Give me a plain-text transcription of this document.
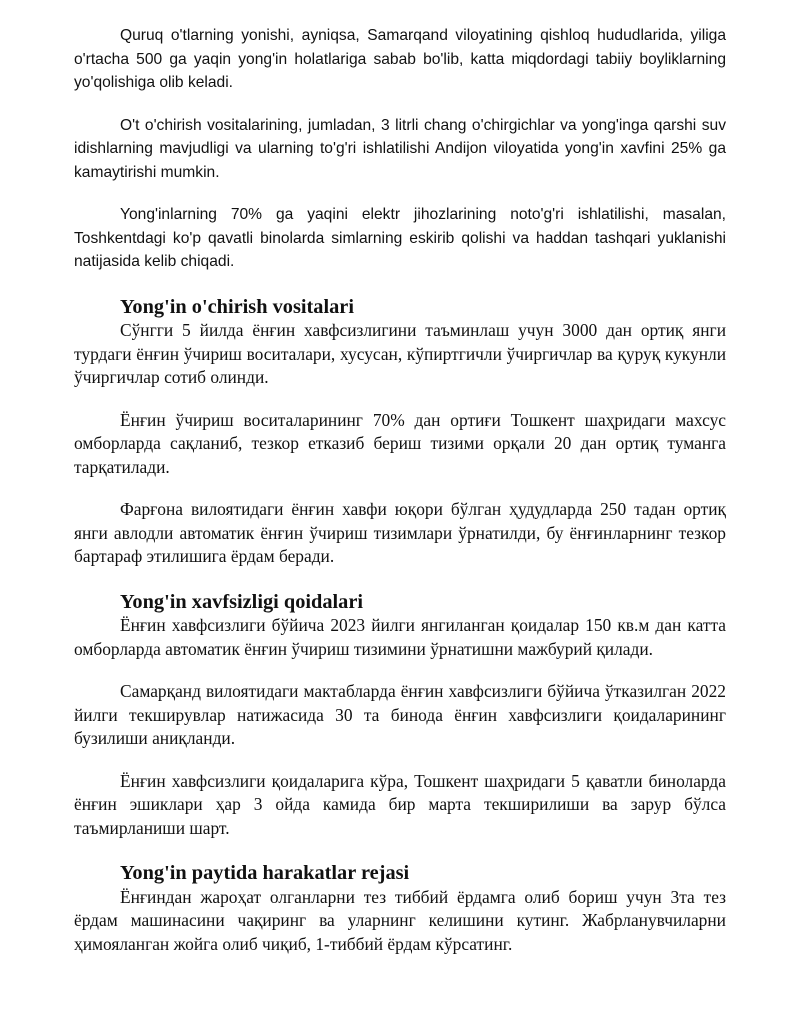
Quruq o'tlarning yonishi, ayniqsa, Samarqand viloyatining qishloq hududlarida, yiliga o'rtacha 500 ga yaqin yong'in holatlariga sabab bo'lib, katta miqdordagi tabiiy boyliklarning yo'qolishiga olib keladi.

O't o'chirish vositalarining, jumladan, 3 litrli chang o'chirgichlar va yong'inga qarshi suv idishlarning mavjudligi va ularning to'g'ri ishlatilishi Andijon viloyatida yong'in xavfini 25% ga kamaytirishi mumkin.

Yong'inlarning 70% ga yaqini elektr jihozlarining noto'g'ri ishlatilishi, masalan, Toshkentdagi ko'p qavatli binolarda simlarning eskirib qolishi va haddan tashqari yuklanishi natijasida kelib chiqadi.

Yong'in o'chirish vositalari

Сўнгги 5 йилда ёнғин хавфсизлигини таъминлаш учун 3000 дан ортиқ янги турдаги ёнғин ўчириш воситалари, хусусан, кўпиртгичли ўчиргичлар ва қуруқ кукунли ўчиргичлар сотиб олинди.

Ёнғин ўчириш воситаларининг 70% дан ортиғи Тошкент шаҳридаги махсус омборларда сақланиб, тезкор етказиб бериш тизими орқали 20 дан ортиқ туманга тарқатилади.

Фарғона вилоятидаги ёнғин хавфи юқори бўлган ҳудудларда 250 тадан ортиқ янги авлодли автоматик ёнғин ўчириш тизимлари ўрнатилди, бу ёнғинларнинг тезкор бартараф этилишига ёрдам беради.

Yong'in xavfsizligi qoidalari

Ёнғин хавфсизлиги бўйича 2023 йилги янгиланган қоидалар 150 кв.м дан катта омборларда автоматик ёнғин ўчириш тизимини ўрнатишни мажбурий қилади.

Самарқанд вилоятидаги мактабларда ёнғин хавфсизлиги бўйича ўтказилган 2022 йилги текширувлар натижасида 30 та бинода ёнғин хавфсизлиги қоидаларининг бузилиши аниқланди.

Ёнғин хавфсизлиги қоидаларига кўра, Тошкент шаҳридаги 5 қаватли биноларда ёнғин эшиклари ҳар 3 ойда камида бир марта текширилиши ва зарур бўлса таъмирланиши шарт.

Yong'in paytida harakatlar rejasi

Ёнғиндан жароҳат олганларни тез тиббий ёрдамга олиб бориш учун 3та тез ёрдам машинасини чақиринг ва уларнинг келишини кутинг. Жабрланувчиларни ҳимояланган жойга олиб чиқиб, 1-тиббий ёрдам кўрсатинг.
